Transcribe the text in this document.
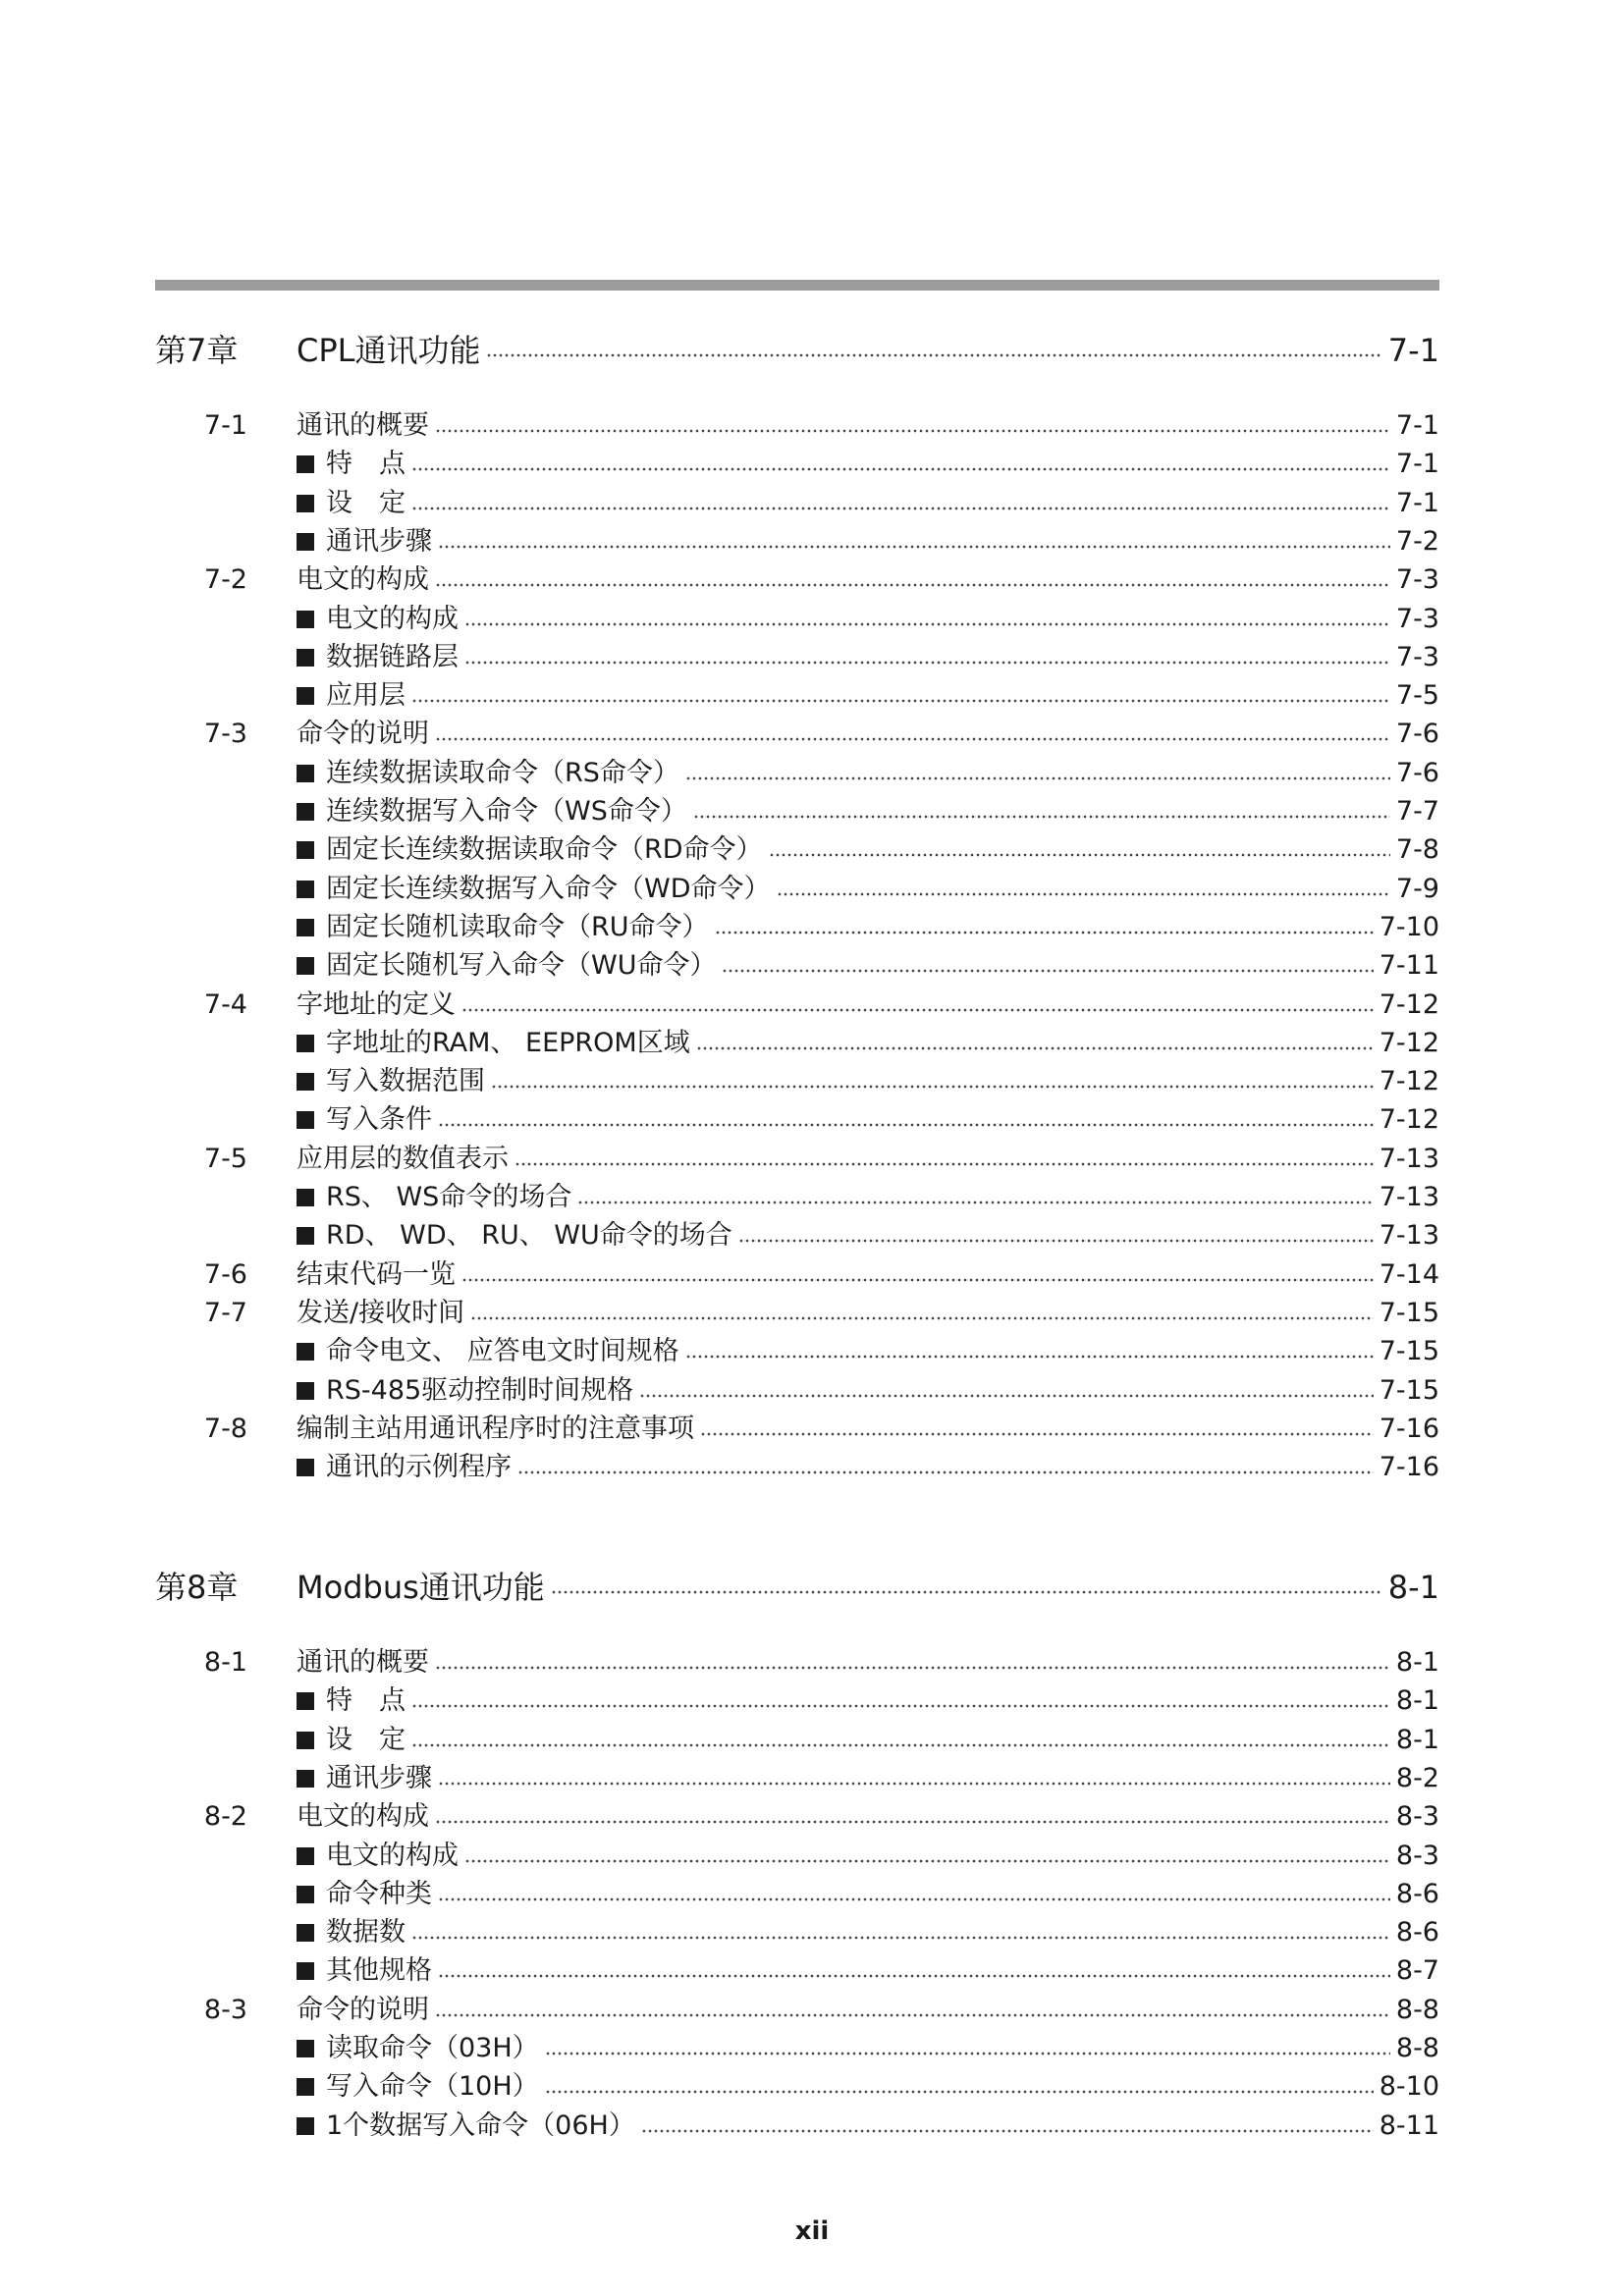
第7章	CPL通讯功能	7-1
7-1 通讯的概要	7-1
特　点	7-1
设　定	7-1
通讯步骤	7-2
7-2 电文的构成	7-3
电文的构成	7-3
数据链路层	7-3
应用层	7-5
7-3 命令的说明	7-6
连续数据读取命令（RS命令）	7-6
连续数据写入命令（WS命令）	7-7
固定长连续数据读取命令（RD命令）	7-8
固定长连续数据写入命令（WD命令）	7-9
固定长随机读取命令（RU命令）	7-10
固定长随机写入命令（WU命令）	7-11
7-4 字地址的定义	7-12
字地址的RAM、 EEPROM区域	7-12
写入数据范围	7-12
写入条件	7-12
7-5 应用层的数值表示	7-13
RS、 WS命令的场合	7-13
RD、 WD、 RU、 WU命令的场合	7-13
7-6 结束代码一览	7-14
7-7 发送/接收时间	7-15
命令电文、 应答电文时间规格	7-15
RS-485驱动控制时间规格	7-15
7-8 编制主站用通讯程序时的注意事项	7-16
通讯的示例程序	7-16
第8章	Modbus通讯功能	8-1
8-1 通讯的概要	8-1
特　点	8-1
设　定	8-1
通讯步骤	8-2
8-2 电文的构成	8-3
电文的构成	8-3
命令种类	8-6
数据数	8-6
其他规格	8-7
8-3 命令的说明	8-8
读取命令（03H）	8-8
写入命令（10H）	8-10
1个数据写入命令（06H）	8-11
xii
